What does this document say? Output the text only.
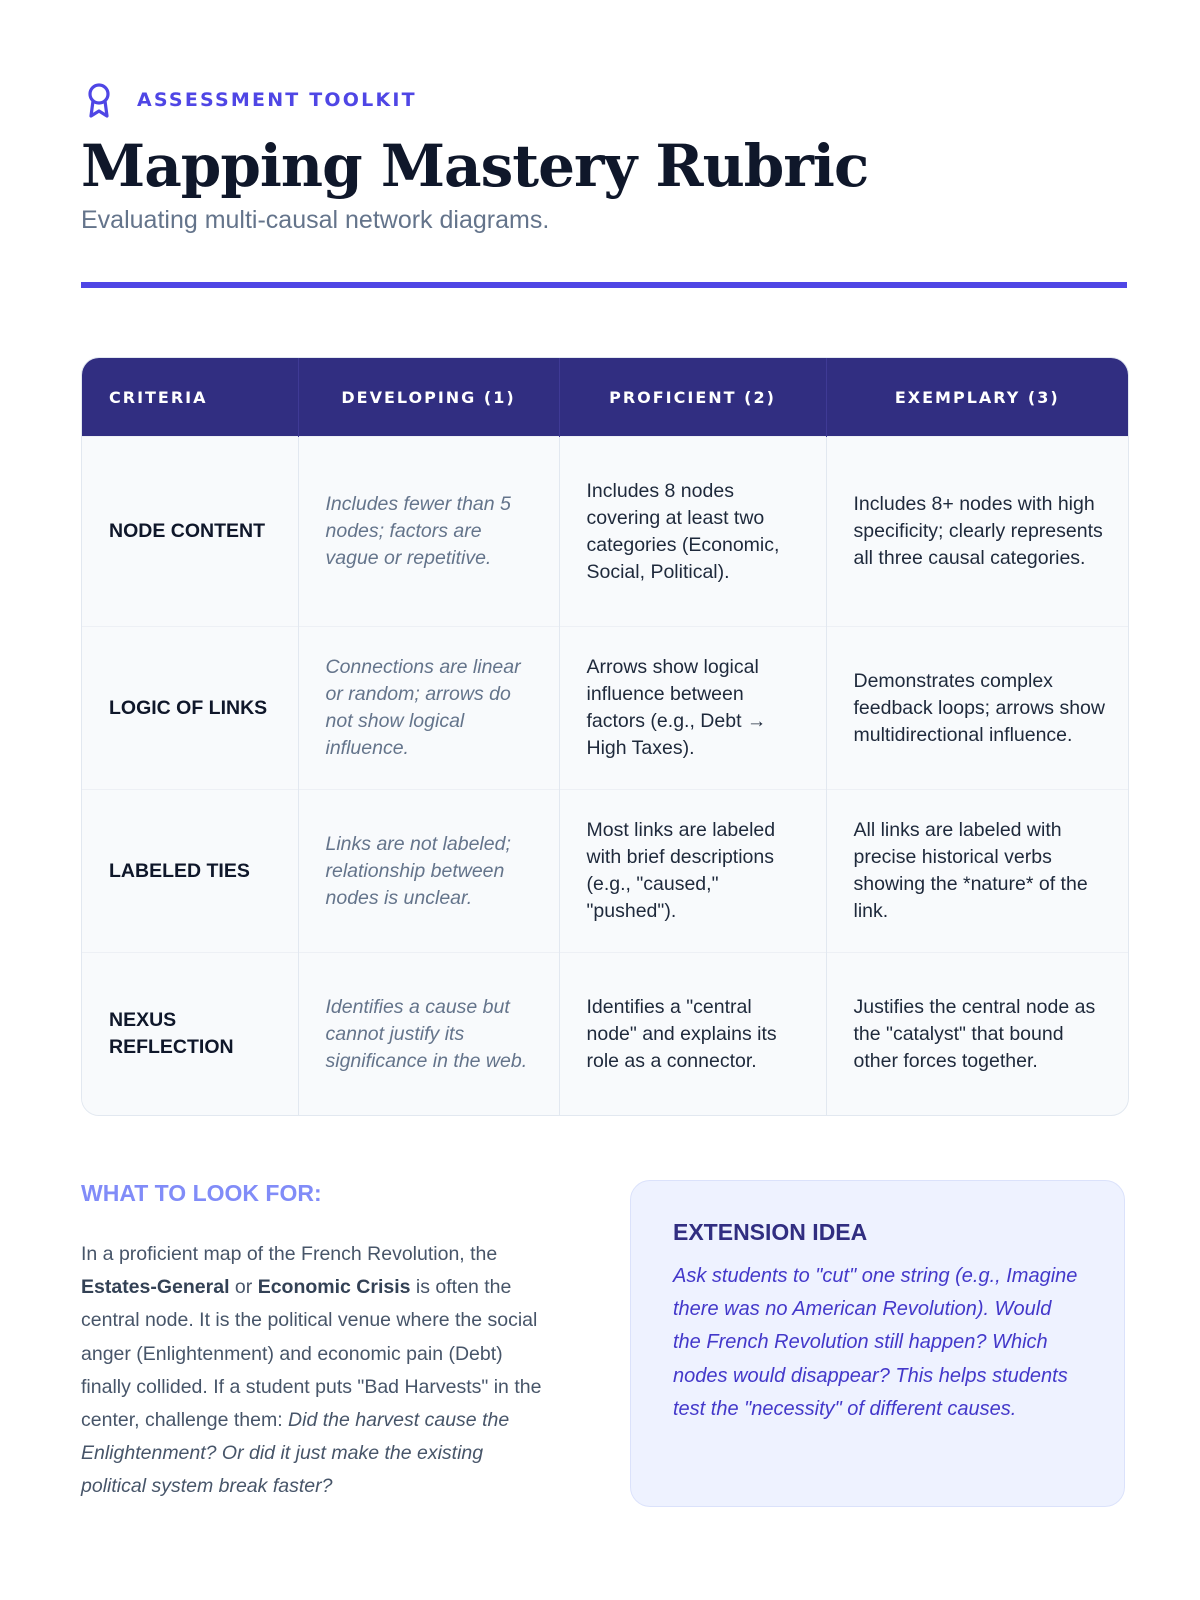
ASSESSMENT TOOLKIT
Mapping Mastery Rubric

Evaluating multi-causal network diagrams.

CRITERIA	DEVELOPING (1)	PROFICIENT (2)	EXEMPLARY (3)
NODE CONTENT	Includes fewer than 5 nodes; factors are vague or repetitive.	Includes 8 nodes covering at least two categories (Economic, Social, Political).	Includes 8+ nodes with high specificity; clearly represents all three causal categories.
LOGIC OF LINKS	Connections are linear or random; arrows do not show logical influence.	Arrows show logical influence between factors (e.g., Debt → High Taxes).	Demonstrates complex feedback loops; arrows show multidirectional influence.
LABELED TIES	Links are not labeled; relationship between nodes is unclear.	Most links are labeled with brief descriptions (e.g., "caused," "pushed").	All links are labeled with precise historical verbs showing the *nature* of the link.
NEXUS REFLECTION	Identifies a cause but cannot justify its significance in the web.	Identifies a "central node" and explains its role as a connector.	Justifies the central node as the "catalyst" that bound other forces together.
WHAT TO LOOK FOR:

In a proficient map of the French Revolution, the Estates-General or Economic Crisis is often the central node. It is the political venue where the social anger (Enlightenment) and economic pain (Debt) finally collided. If a student puts "Bad Harvests" in the center, challenge them: Did the harvest cause the Enlightenment? Or did it just make the existing political system break faster?

EXTENSION IDEA

Ask students to "cut" one string (e.g., Imagine there was no American Revolution). Would the French Revolution still happen? Which nodes would disappear? This helps students test the "necessity" of different causes.
